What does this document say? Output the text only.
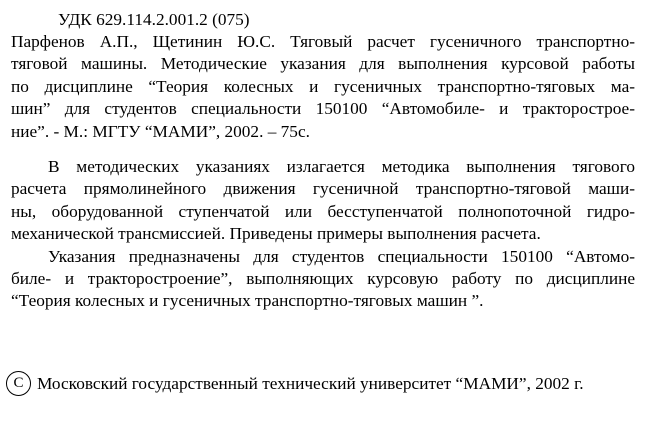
УДК 629.114.2.001.2 (075)
Парфенов А.П., Щетинин Ю.С. Тяговый расчет гусеничного транспортно-
тяговой машины. Методические указания для выполнения курсовой работы
по дисциплине “Теория колесных и гусеничных транспортно-тяговых ма-
шин” для студентов специальности 150100 “Автомобиле- и тракторострое-
ние”. - М.: МГТУ “МАМИ”, 2002. – 75с.
В методических указаниях излагается методика выполнения тягового
расчета прямолинейного движения гусеничной транспортно-тяговой маши-
ны, оборудованной ступенчатой или бесступенчатой полнопоточной гидро-
механической трансмиссией. Приведены примеры выполнения расчета.
Указания предназначены для студентов специальности 150100 “Автомо-
биле- и тракторостроение”, выполняющих курсовую работу по дисциплине
“Теория колесных и гусеничных транспортно-тяговых машин ”.
С Московский государственный технический университет “МАМИ”, 2002 г.
